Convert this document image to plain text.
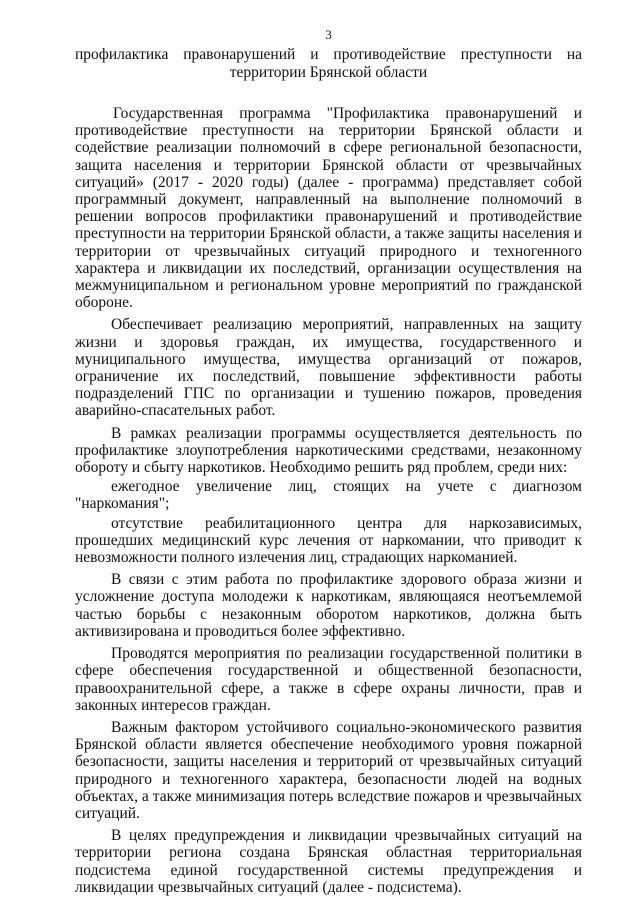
3
профилактика правонарушений и противодействие преступности на
территории Брянской области

Государственная программа "Профилактика правонарушений и противодействие преступности на территории Брянской области и содействие реализации полномочий в сфере региональной безопасности, защита населения и территории Брянской области от чрезвычайных ситуаций» (2017 - 2020 годы) (далее - программа) представляет собой программный документ, направленный на выполнение полномочий в решении вопросов профилактики правонарушений и противодействие преступности на территории Брянской области, а также защиты населения и территории от чрезвычайных ситуаций природного и техногенного характера и ликвидации их последствий, организации осуществления на межмуниципальном и региональном уровне мероприятий по гражданской обороне.

Обеспечивает реализацию мероприятий, направленных на защиту жизни и здоровья граждан, их имущества, государственного и муниципального имущества, имущества организаций от пожаров, ограничение их последствий, повышение эффективности работы подразделений ГПС по организации и тушению пожаров, проведения аварийно-спасательных работ.

В рамках реализации программы осуществляется деятельность по профилактике злоупотребления наркотическими средствами, незаконному обороту и сбыту наркотиков. Необходимо решить ряд проблем, среди них:

ежегодное увеличение лиц, стоящих на учете с диагнозом "наркомания";

отсутствие реабилитационного центра для наркозависимых, прошедших медицинский курс лечения от наркомании, что приводит к невозможности полного излечения лиц, страдающих наркоманией.

В связи с этим работа по профилактике здорового образа жизни и усложнение доступа молодежи к наркотикам, являющаяся неотъемлемой частью борьбы с незаконным оборотом наркотиков, должна быть активизирована и проводиться более эффективно.

Проводятся мероприятия по реализации государственной политики в сфере обеспечения государственной и общественной безопасности, правоохранительной сфере, а также в сфере охраны личности, прав и законных интересов граждан.

Важным фактором устойчивого социально-экономического развития Брянской области является обеспечение необходимого уровня пожарной безопасности, защиты населения и территорий от чрезвычайных ситуаций природного и техногенного характера, безопасности людей на водных объектах, а также минимизация потерь вследствие пожаров и чрезвычайных ситуаций.

В целях предупреждения и ликвидации чрезвычайных ситуаций на территории региона создана Брянская областная территориальная подсистема единой государственной системы предупреждения и ликвидации чрезвычайных ситуаций (далее - подсистема).
